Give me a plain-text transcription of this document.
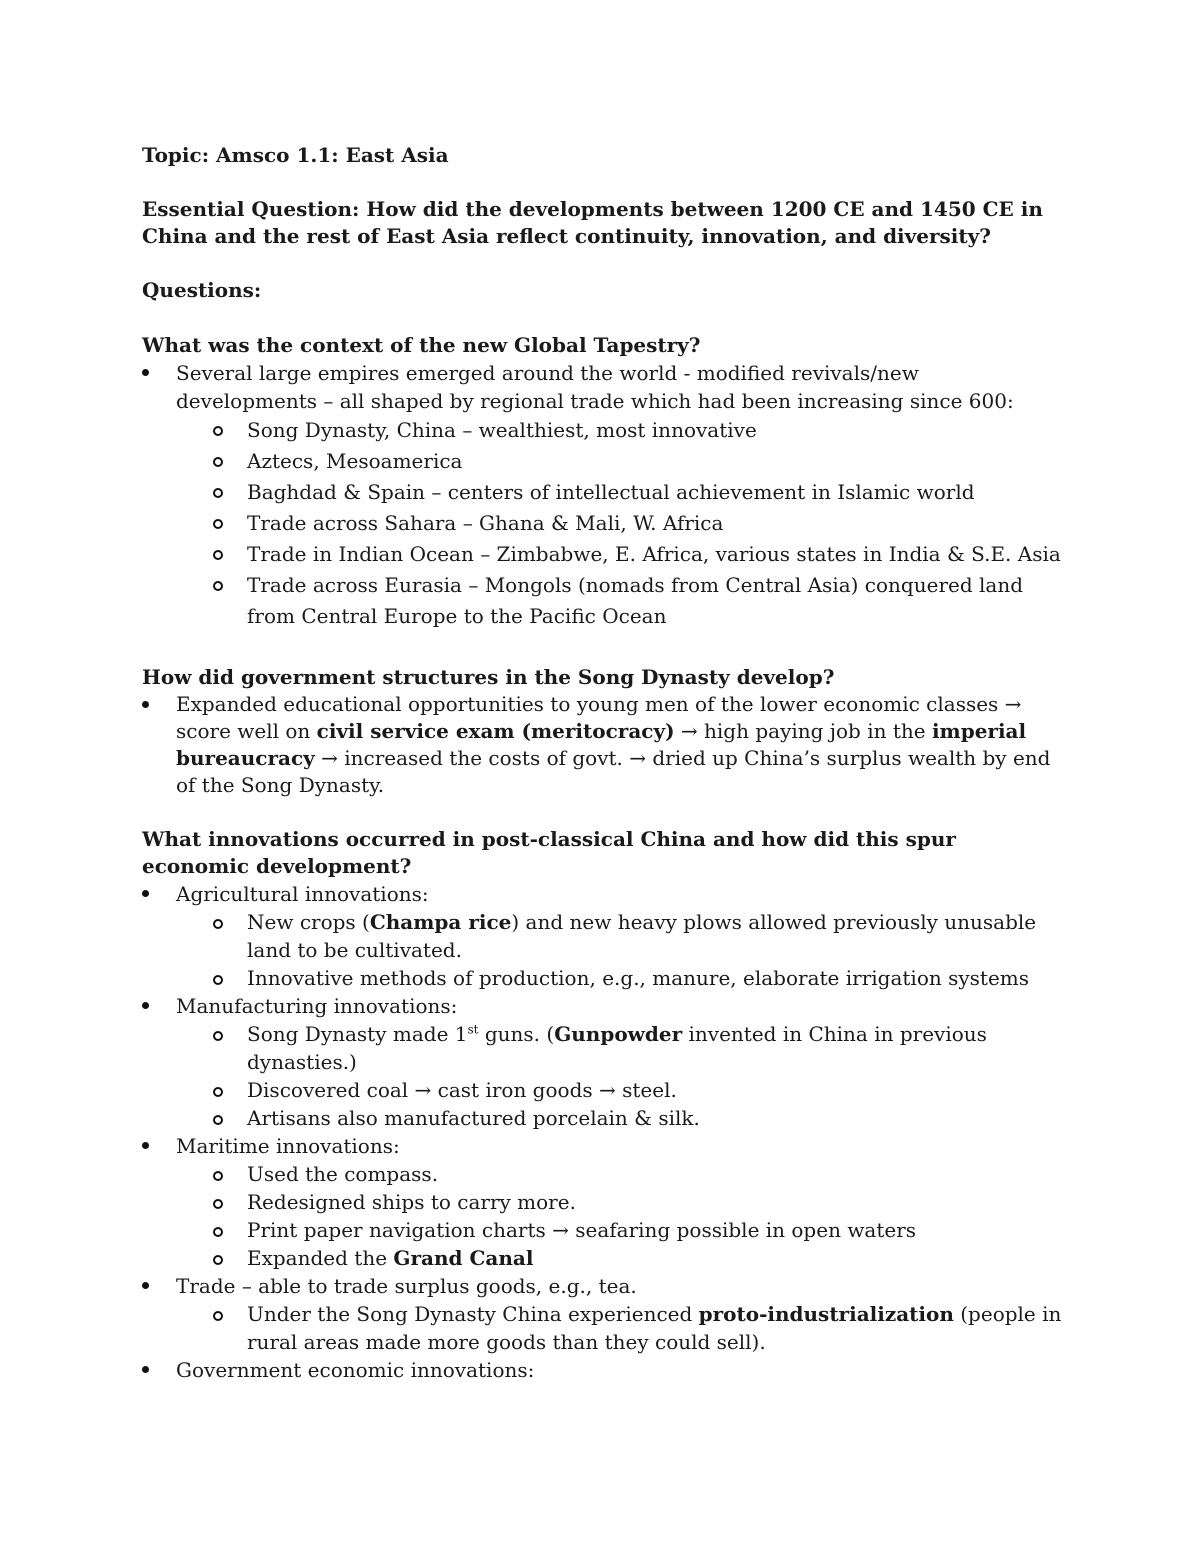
Topic: Amsco 1.1: East Asia
Essential Question: How did the developments between 1200 CE and 1450 CE in China and the rest of East Asia reflect continuity, innovation, and diversity?
Questions:
What was the context of the new Global Tapestry?
Several large empires emerged around the world - modified revivals/new developments – all shaped by regional trade which had been increasing since 600:
Song Dynasty, China – wealthiest, most innovative
Aztecs, Mesoamerica
Baghdad & Spain – centers of intellectual achievement in Islamic world
Trade across Sahara – Ghana & Mali, W. Africa
Trade in Indian Ocean – Zimbabwe, E. Africa, various states in India & S.E. Asia
Trade across Eurasia – Mongols (nomads from Central Asia) conquered land from Central Europe to the Pacific Ocean
How did government structures in the Song Dynasty develop?
Expanded educational opportunities to young men of the lower economic classes → score well on civil service exam (meritocracy) → high paying job in the imperial bureaucracy → increased the costs of govt. → dried up China’s surplus wealth by end of the Song Dynasty.
What innovations occurred in post-classical China and how did this spur economic development?
Agricultural innovations:
New crops (Champa rice) and new heavy plows allowed previously unusable land to be cultivated.
Innovative methods of production, e.g., manure, elaborate irrigation systems
Manufacturing innovations:
Song Dynasty made 1st guns. (Gunpowder invented in China in previous dynasties.)
Discovered coal → cast iron goods → steel.
Artisans also manufactured porcelain & silk.
Maritime innovations:
Used the compass.
Redesigned ships to carry more.
Print paper navigation charts → seafaring possible in open waters
Expanded the Grand Canal
Trade – able to trade surplus goods, e.g., tea.
Under the Song Dynasty China experienced proto-industrialization (people in rural areas made more goods than they could sell).
Government economic innovations:
